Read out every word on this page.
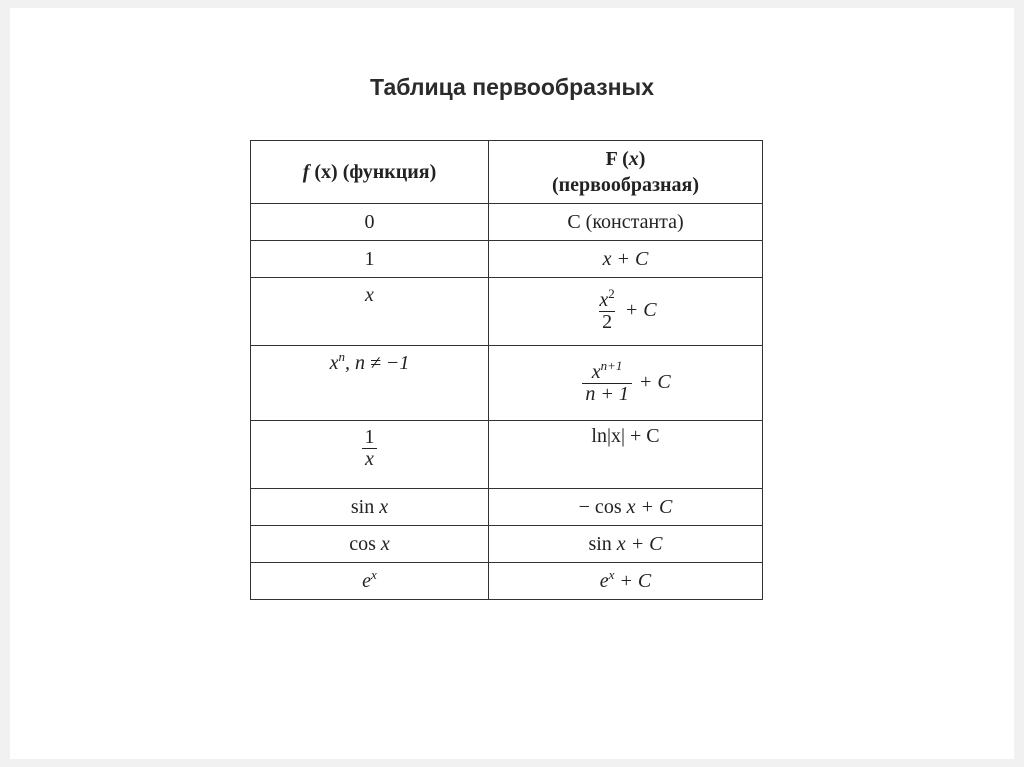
Таблица первообразных
f (x) (функция)	F (x)
(первообразная)
0	С (константа)
1	x + C
x	$\frac{x^2}{2} + C$
$x^n$, n ≠ −1	$\frac{x^{n+1}}{n + 1} + C$

$\frac{1}{x}$	ln|x| + C
sin x	− cos x + C
cos x	sin x + C
$e^x$	$e^x + C$
